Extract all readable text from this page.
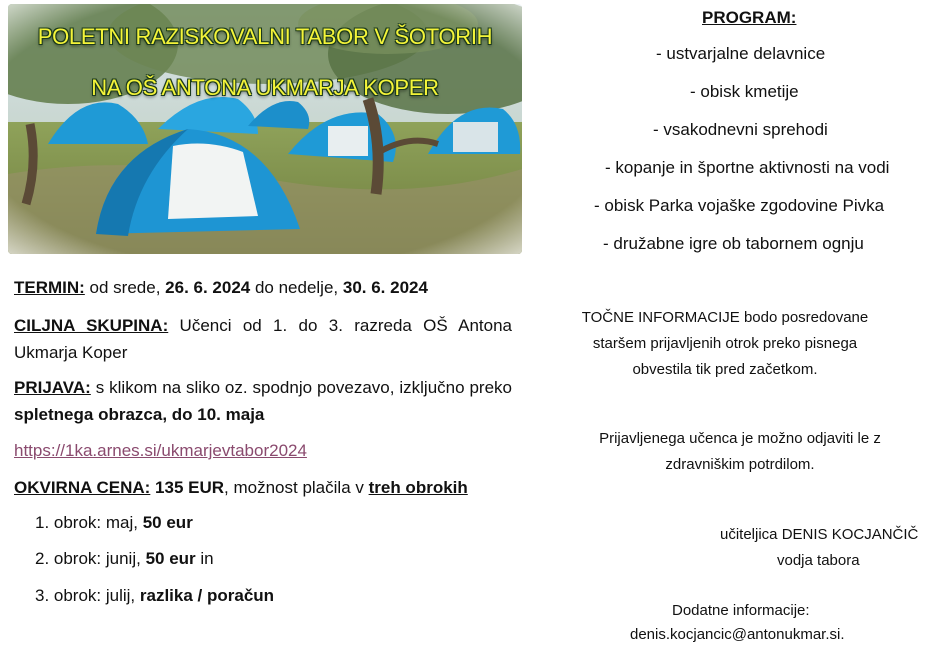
POLETNI RAZISKOVALNI TABOR V ŠOTORIH
NA OŠ ANTONA UKMARJA KOPER
TERMIN: od srede, 26. 6. 2024 do nedelje, 30. 6. 2024
CILJNA SKUPINA: Učenci od 1. do 3. razreda OŠ Antona Ukmarja Koper
PRIJAVA: s klikom na sliko oz. spodnjo povezavo, izključno preko spletnega obrazca, do 10. maja
https://1ka.arnes.si/ukmarjevtabor2024
OKVIRNA CENA: 135 EUR, možnost plačila v treh obrokih
1. obrok: maj, 50 eur
2. obrok: junij, 50 eur in
3. obrok: julij, razlika / poračun
PROGRAM:
- ustvarjalne delavnice
- obisk kmetije
- vsakodnevni sprehodi
- kopanje in športne aktivnosti na vodi
- obisk Parka vojaške zgodovine Pivka
- družabne igre ob tabornem ognju
TOČNE INFORMACIJE bodo posredovane
staršem prijavljenih otrok preko pisnega
obvestila tik pred začetkom.
Prijavljenega učenca je možno odjaviti le z
zdravniškim potrdilom.
učiteljica DENIS KOCJANČIČ
vodja tabora
Dodatne informacije:
denis.kocjancic@antonukmar.si.
